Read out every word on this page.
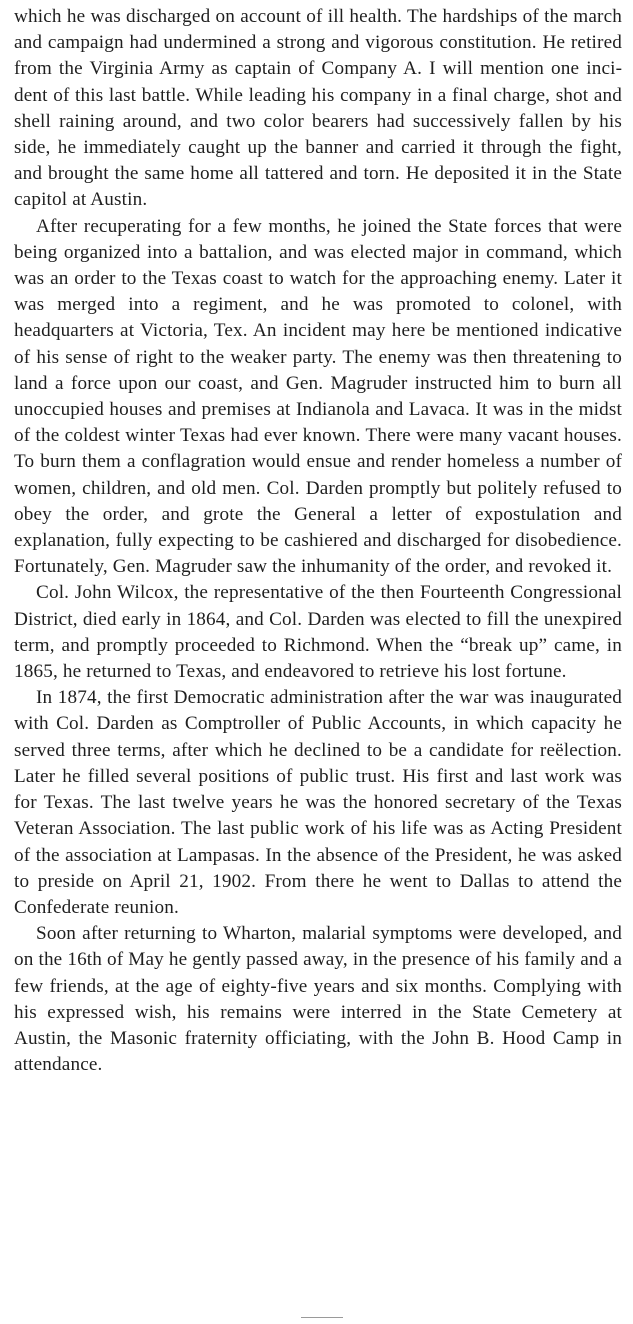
which he was discharged on account of ill health. The hardships of the march and campaign had undermined a strong and vigorous constitution. He retired from the Virginia Army as captain of Company A. I will mention one incident of this last battle. While leading his company in a final charge, shot and shell raining around, and two color bearers had successively fallen by his side, he immediately caught up the banner and carried it through the fight, and brought the same home all tattered and torn. He deposited it in the State capitol at Austin.

After recuperating for a few months, he joined the State forces that were being organized into a battalion, and was elected major in command, which was an order to the Texas coast to watch for the approaching enemy. Later it was merged into a regiment, and he was promoted to colonel, with headquarters at Victoria, Tex. An incident may here be mentioned indicative of his sense of right to the weaker party. The enemy was then threatening to land a force upon our coast, and Gen. Magruder instructed him to burn all unoccupied houses and premises at Indianola and Lavaca. It was in the midst of the coldest winter Texas had ever known. There were many vacant houses. To burn them a conflagration would ensue and render homeless a number of women, children, and old men. Col. Darden promptly but politely refused to obey the order, and grote the General a letter of expostulation and explanation, fully expecting to be cashiered and discharged for disobedience. Fortunately, Gen. Magruder saw the inhumanity of the order, and revoked it.

Col. John Wilcox, the representative of the then Fourteenth Congressional District, died early in 1864, and Col. Darden was elected to fill the unexpired term, and promptly proceeded to Richmond. When the “break up” came, in 1865, he returned to Texas, and endeavored to retrieve his lost fortune.

In 1874, the first Democratic administration after the war was inaugurated with Col. Darden as Comptroller of Public Accounts, in which capacity he served three terms, after which he declined to be a candidate for reëlection. Later he filled several positions of public trust. His first and last work was for Texas. The last twelve years he was the honored secretary of the Texas Veteran Association. The last public work of his life was as Acting President of the association at Lampasas. In the absence of the President, he was asked to preside on April 21, 1902. From there he went to Dallas to attend the Confederate reunion.

Soon after returning to Wharton, malarial symptoms were developed, and on the 16th of May he gently passed away, in the presence of his family and a few friends, at the age of eighty-five years and six months. Complying with his expressed wish, his remains were interred in the State Cemetery at Austin, the Masonic fraternity officiating, with the John B. Hood Camp in attendance.
